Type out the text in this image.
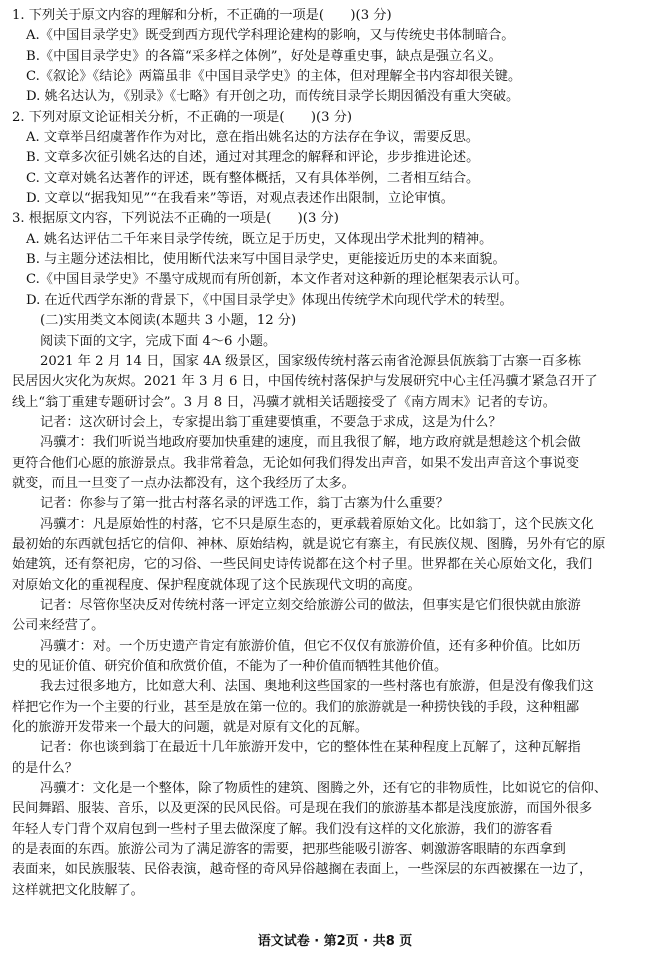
1. 下列关于原文内容的理解和分析，不正确的一项是(　　)(3 分)
A.《中国目录学史》既受到西方现代学科理论建构的影响，又与传统史书体制暗合。
B.《中国目录学史》的各篇“采多样之体例”，好处是尊重史事，缺点是强立名义。
C.《叙论》《结论》两篇虽非《中国目录学史》的主体，但对理解全书内容却很关键。
D. 姚名达认为，《别录》《七略》有开创之功，而传统目录学长期因循没有重大突破。
2. 下列对原文论证相关分析，不正确的一项是(　　)(3 分)
A. 文章举吕绍虞著作作为对比，意在指出姚名达的方法存在争议，需要反思。
B. 文章多次征引姚名达的自述，通过对其理念的解释和评论，步步推进论述。
C. 文章对姚名达著作的评述，既有整体概括，又有具体举例，二者相互结合。
D. 文章以“据我知见”“在我看来”等语，对观点表述作出限制，立论审慎。
3. 根据原文内容，下列说法不正确的一项是(　　)(3 分)
A. 姚名达评估二千年来目录学传统，既立足于历史，又体现出学术批判的精神。
B. 与主题分述法相比，使用断代法来写中国目录学史，更能接近历史的本来面貌。
C.《中国目录学史》不墨守成规而有所创新，本文作者对这种新的理论框架表示认可。
D. 在近代西学东渐的背景下，《中国目录学史》体现出传统学术向现代学术的转型。
(二)实用类文本阅读(本题共 3 小题，12 分)
阅读下面的文字，完成下面 4～6 小题。
2021 年 2 月 14 日，国家 4A 级景区，国家级传统村落云南省沧源县佤族翁丁古寨一百多栋
民居因火灾化为灰烬。2021 年 3 月 6 日，中国传统村落保护与发展研究中心主任冯骥才紧急召开了
线上“翁丁重建专题研讨会”。3 月 8 日，冯骥才就相关话题接受了《南方周末》记者的专访。
记者：这次研讨会上，专家提出翁丁重建要慎重，不要急于求成，这是为什么？
冯骥才：我们听说当地政府要加快重建的速度，而且我很了解，地方政府就是想趁这个机会做
更符合他们心愿的旅游景点。我非常着急，无论如何我们得发出声音，如果不发出声音这个事说变
就变，而且一旦变了一点办法都没有，这个我经历了太多。
记者：你参与了第一批古村落名录的评选工作，翁丁古寨为什么重要？
冯骥才：凡是原始性的村落，它不只是原生态的，更承载着原始文化。比如翁丁，这个民族文化
最初始的东西就包括它的信仰、神林、原始结构，就是说它有寨主，有民族仪规、图腾，另外有它的原
始建筑，还有祭祀房，它的习俗、一些民间史诗传说都在这个村子里。世界都在关心原始文化，我们
对原始文化的重视程度、保护程度就体现了这个民族现代文明的高度。
记者：尽管你坚决反对传统村落一评定立刻交给旅游公司的做法，但事实是它们很快就由旅游
公司来经营了。
冯骥才：对。一个历史遗产肯定有旅游价值，但它不仅仅有旅游价值，还有多种价值。比如历
史的见证价值、研究价值和欣赏价值，不能为了一种价值而牺牲其他价值。
我去过很多地方，比如意大利、法国、奥地利这些国家的一些村落也有旅游，但是没有像我们这
样把它作为一个主要的行业，甚至是放在第一位的。我们的旅游就是一种捞快钱的手段，这种粗鄙
化的旅游开发带来一个最大的问题，就是对原有文化的瓦解。
记者：你也谈到翁丁在最近十几年旅游开发中，它的整体性在某种程度上瓦解了，这种瓦解指
的是什么？
冯骥才：文化是一个整体，除了物质性的建筑、图腾之外，还有它的非物质性，比如说它的信仰、
民间舞蹈、服装、音乐，以及更深的民风民俗。可是现在我们的旅游基本都是浅度旅游，而国外很多
年轻人专门背个双肩包到一些村子里去做深度了解。我们没有这样的文化旅游，我们的游客看
的是表面的东西。旅游公司为了满足游客的需要，把那些能吸引游客、刺激游客眼睛的东西拿到
表面来，如民族服装、民俗表演，越奇怪的奇风异俗越搁在表面上，一些深层的东西被摞在一边了，
这样就把文化肢解了。
语文试卷 · 第2页 · 共8 页
